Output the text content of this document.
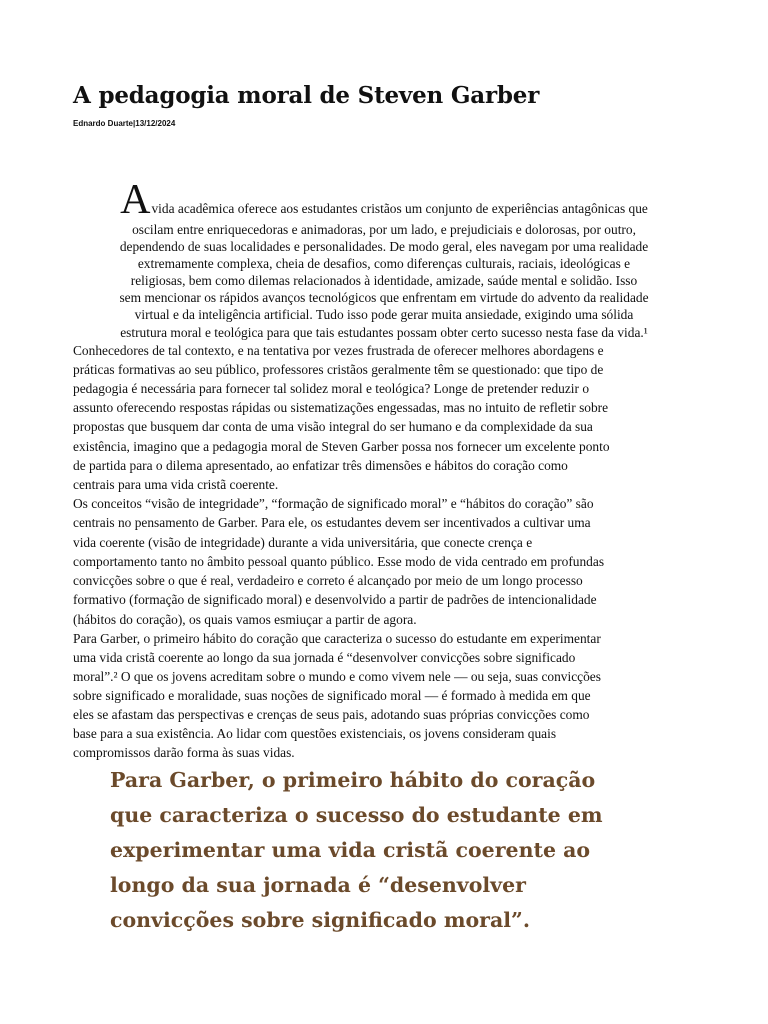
A pedagogia moral de Steven Garber
Ednardo Duarte|13/12/2024
A vida acadêmica oferece aos estudantes cristãos um conjunto de experiências antagônicas que
oscilam entre enriquecedoras e animadoras, por um lado, e prejudiciais e dolorosas, por outro,
dependendo de suas localidades e personalidades. De modo geral, eles navegam por uma realidade
extremamente complexa, cheia de desafios, como diferenças culturais, raciais, ideológicas e
religiosas, bem como dilemas relacionados à identidade, amizade, saúde mental e solidão. Isso
sem mencionar os rápidos avanços tecnológicos que enfrentam em virtude do advento da realidade
virtual e da inteligência artificial. Tudo isso pode gerar muita ansiedade, exigindo uma sólida
estrutura moral e teológica para que tais estudantes possam obter certo sucesso nesta fase da vida.¹

Conhecedores de tal contexto, e na tentativa por vezes frustrada de oferecer melhores abordagens e
práticas formativas ao seu público, professores cristãos geralmente têm se questionado: que tipo de
pedagogia é necessária para fornecer tal solidez moral e teológica? Longe de pretender reduzir o
assunto oferecendo respostas rápidas ou sistematizações engessadas, mas no intuito de refletir sobre
propostas que busquem dar conta de uma visão integral do ser humano e da complexidade da sua
existência, imagino que a pedagogia moral de Steven Garber possa nos fornecer um excelente ponto
de partida para o dilema apresentado, ao enfatizar três dimensões e hábitos do coração como
centrais para uma vida cristã coerente.

Os conceitos “visão de integridade”, “formação de significado moral” e “hábitos do coração” são
centrais no pensamento de Garber. Para ele, os estudantes devem ser incentivados a cultivar uma
vida coerente (visão de integridade) durante a vida universitária, que conecte crença e
comportamento tanto no âmbito pessoal quanto público. Esse modo de vida centrado em profundas
convicções sobre o que é real, verdadeiro e correto é alcançado por meio de um longo processo
formativo (formação de significado moral) e desenvolvido a partir de padrões de intencionalidade
(hábitos do coração), os quais vamos esmiuçar a partir de agora.

Para Garber, o primeiro hábito do coração que caracteriza o sucesso do estudante em experimentar
uma vida cristã coerente ao longo da sua jornada é “desenvolver convicções sobre significado
moral”.² O que os jovens acreditam sobre o mundo e como vivem nele — ou seja, suas convicções
sobre significado e moralidade, suas noções de significado moral — é formado à medida em que
eles se afastam das perspectivas e crenças de seus pais, adotando suas próprias convicções como
base para a sua existência. Ao lidar com questões existenciais, os jovens consideram quais
compromissos darão forma às suas vidas.

Para Garber, o primeiro hábito do coração
que caracteriza o sucesso do estudante em
experimentar uma vida cristã coerente ao
longo da sua jornada é “desenvolver
convicções sobre significado moral”.
